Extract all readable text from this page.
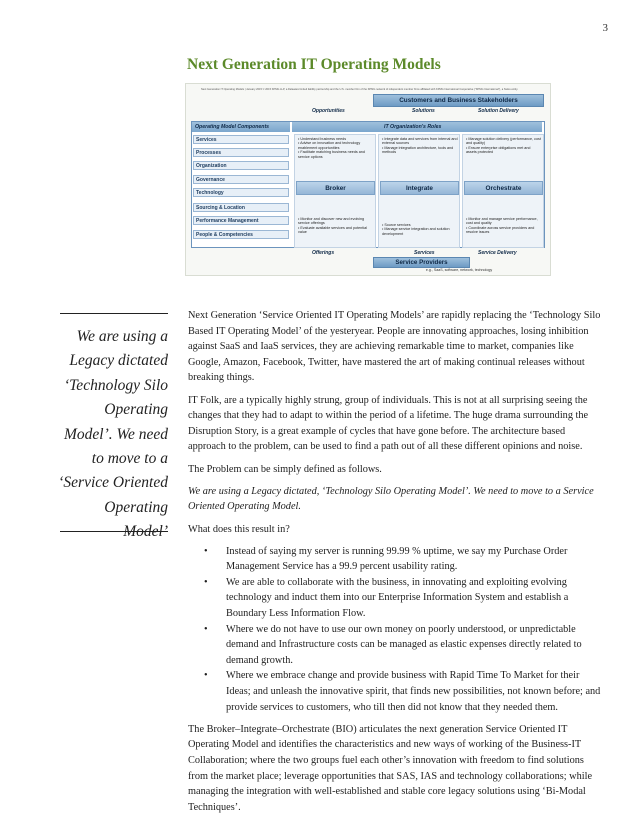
3
Next Generation IT Operating Models
Next Generation IT Operating Models | January 2015 © 2015 KPMG LLP, a Delaware limited liability partnership and the U.S. member firm of the KPMG network of independent member firms affiliated with KPMG International Cooperative ("KPMG International"), a Swiss entity.
Customers and Business Stakeholders
Opportunities	Solutions	Solution Delivery
Operating Model Components
Services
Processes
Organization
Governance
Technology
Sourcing & Location
Performance Management
People & Competencies
IT Organization's Roles
• Understand business needs
• Advise on innovation and technology enablement opportunities
• Facilitate matching business needs and service options
Broker
• Monitor and discover new and evolving service offerings
• Evaluate available services and potential value
• Integrate data and services from internal and external sources
• Manage integration architecture, tools and methods
Integrate
• Source services
• Manage service integration and solution development
• Manage solution delivery (performance, cost and quality)
• Ensure enterprise obligations met and assets protected
Orchestrate
• Monitor and manage service performance, cost and quality
• Coordinate across service providers and resolve issues
Offerings	Services	Service Delivery
Service Providers
e.g., SaaS, software, network, technology

We are using a Legacy dictated ‘Technology Silo Operating Model’. We need to move to a ‘Service Oriented Operating Model’

Next Generation ‘Service Oriented IT Operating Models’ are rapidly replacing the ‘Technology Silo Based IT Operating Model’ of the yesteryear. People are innovating approaches, losing inhibition against SaaS and IaaS services, they are achieving remarkable time to market, companies like Google, Amazon, Facebook, Twitter, have mastered the art of making continual releases without breaking things.

IT Folk, are a typically highly strung, group of individuals. This is not at all surprising seeing the changes that they had to adapt to within the period of a lifetime. The huge drama surrounding the Disruption Story, is a great example of cycles that have gone before. The architecture based approach to the problem, can be used to find a path out of all these different opinions and noise.

The Problem can be simply defined as follows.

We are using a Legacy dictated, ‘Technology Silo Operating Model’. We need to move to a Service Oriented Operating Model.

What does this result in?

• Instead of saying my server is running 99.99 % uptime, we say my Purchase Order Management Service has a 99.9 percent usability rating.
• We are able to collaborate with the business, in innovating and exploiting evolving technology and induct them into our Enterprise Information System and establish a Boundary Less Information Flow.
• Where we do not have to use our own money on poorly understood, or unpredictable demand and Infrastructure costs can be managed as elastic expenses directly related to demand growth.
• Where we embrace change and provide business with Rapid Time To Market for their Ideas; and unleash the innovative spirit, that finds new possibilities, not known before; and provide services to customers, who till then did not know that they needed them.

The Broker–Integrate–Orchestrate (BIO) articulates the next generation Service Oriented IT Operating Model and identifies the characteristics and new ways of working of the Business-IT Collaboration; where the two groups fuel each other’s innovation with freedom to find solutions from the market place; leverage opportunities that SAS, IAS and technology collaborations; while managing the integration with well-established and stable core legacy solutions using ‘Bi-Modal Techniques’.
